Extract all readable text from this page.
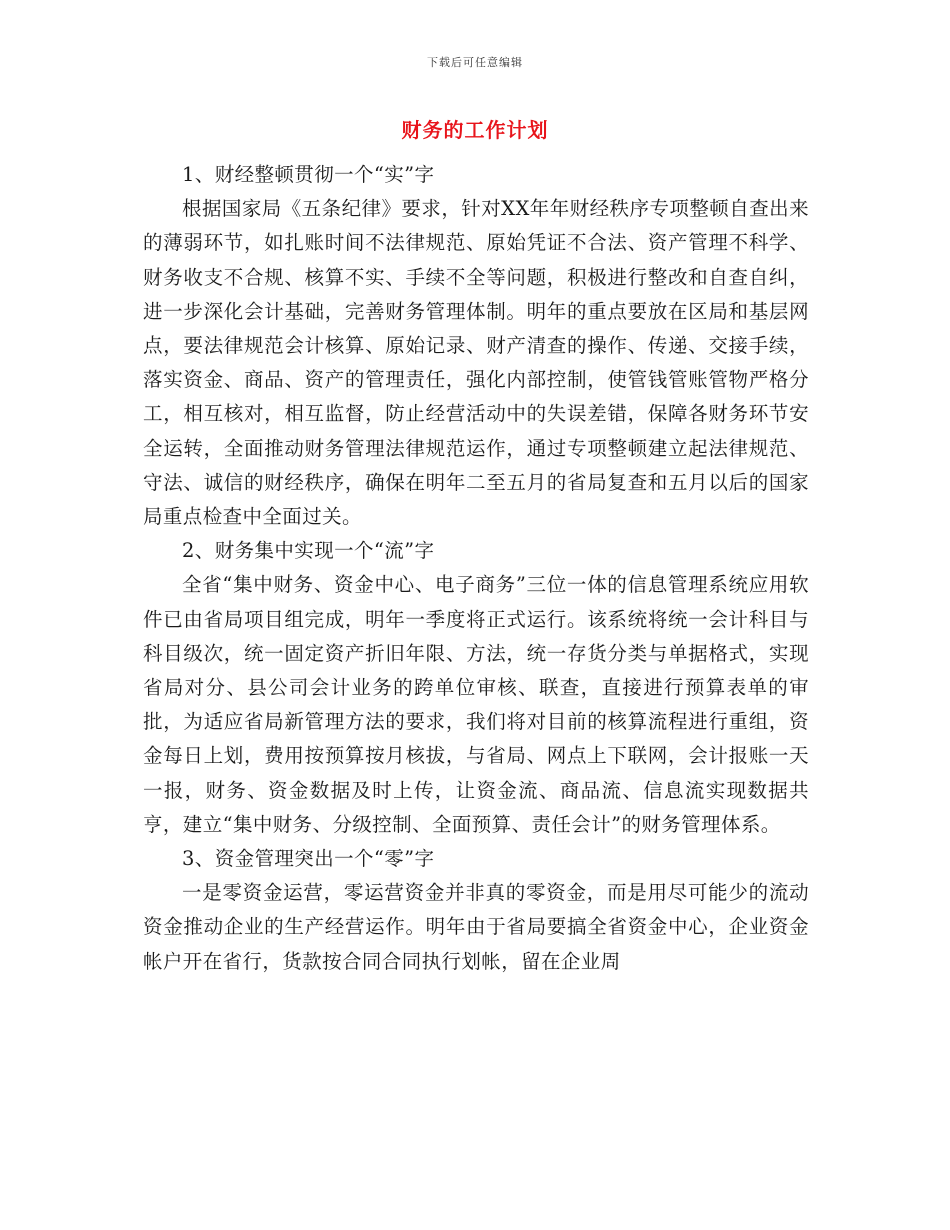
下载后可任意编辑
财务的工作计划

1、财经整顿贯彻一个“实”字

根据国家局《五条纪律》要求，针对XX年年财经秩序专项整顿自查出来的薄弱环节，如扎账时间不法律规范、原始凭证不合法、资产管理不科学、财务收支不合规、核算不实、手续不全等问题，积极进行整改和自查自纠，进一步深化会计基础，完善财务管理体制。明年的重点要放在区局和基层网点，要法律规范会计核算、原始记录、财产清查的操作、传递、交接手续，落实资金、商品、资产的管理责任，强化内部控制，使管钱管账管物严格分工，相互核对，相互监督，防止经营活动中的失误差错，保障各财务环节安全运转，全面推动财务管理法律规范运作，通过专项整顿建立起法律规范、守法、诚信的财经秩序，确保在明年二至五月的省局复查和五月以后的国家局重点检查中全面过关。

2、财务集中实现一个“流”字

全省“集中财务、资金中心、电子商务”三位一体的信息管理系统应用软件已由省局项目组完成，明年一季度将正式运行。该系统将统一会计科目与科目级次，统一固定资产折旧年限、方法，统一存货分类与单据格式，实现省局对分、县公司会计业务的跨单位审核、联查，直接进行预算表单的审批，为适应省局新管理方法的要求，我们将对目前的核算流程进行重组，资金每日上划，费用按预算按月核拔，与省局、网点上下联网，会计报账一天一报，财务、资金数据及时上传，让资金流、商品流、信息流实现数据共亨，建立“集中财务、分级控制、全面预算、责任会计”的财务管理体系。

3、资金管理突出一个“零”字

一是零资金运营，零运营资金并非真的零资金，而是用尽可能少的流动资金推动企业的生产经营运作。明年由于省局要搞全省资金中心，企业资金帐户开在省行，货款按合同合同执行划帐，留在企业周
